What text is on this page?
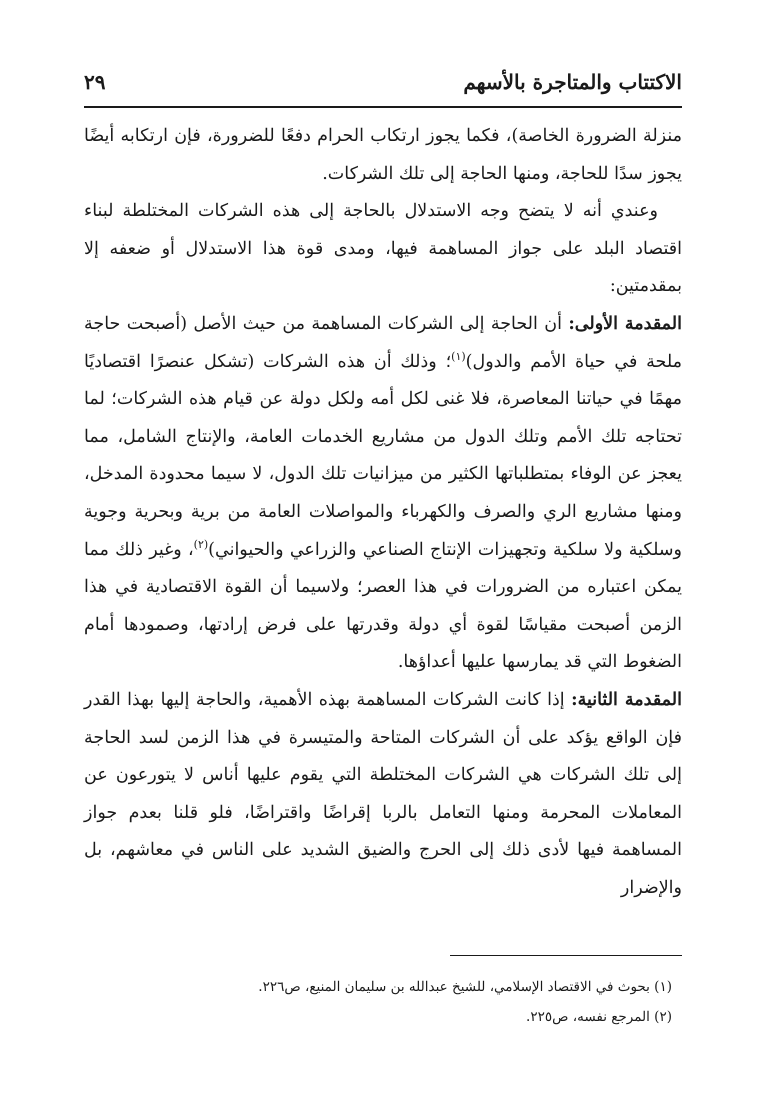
الاكتتاب والمتاجرة بالأسهم
٢٩

منزلة الضرورة الخاصة)، فكما يجوز ارتكاب الحرام دفعًا للضرورة، فإن ارتكابه أيضًا يجوز سدًا للحاجة، ومنها الحاجة إلى تلك الشركات.

وعندي أنه لا يتضح وجه الاستدلال بالحاجة إلى هذه الشركات المختلطة لبناء اقتصاد البلد على جواز المساهمة فيها، ومدى قوة هذا الاستدلال أو ضعفه إلا بمقدمتين:

المقدمة الأولى: أن الحاجة إلى الشركات المساهمة من حيث الأصل (أصبحت حاجة ملحة في حياة الأمم والدول)$^{(١)}$؛ وذلك أن هذه الشركات (تشكل عنصرًا اقتصاديًا مهمًا في حياتنا المعاصرة، فلا غنى لكل أمه ولكل دولة عن قيام هذه الشركات؛ لما تحتاجه تلك الأمم وتلك الدول من مشاريع الخدمات العامة، والإنتاج الشامل، مما يعجز عن الوفاء بمتطلباتها الكثير من ميزانيات تلك الدول، لا سيما محدودة المدخل، ومنها مشاريع الري والصرف والكهرباء والمواصلات العامة من برية وبحرية وجوية وسلكية ولا سلكية وتجهيزات الإنتاج الصناعي والزراعي والحيواني)$^{(٢)}$، وغير ذلك مما يمكن اعتباره من الضرورات في هذا العصر؛ ولاسيما أن القوة الاقتصادية في هذا الزمن أصبحت مقياسًا لقوة أي دولة وقدرتها على فرض إرادتها، وصمودها أمام الضغوط التي قد يمارسها عليها أعداؤها.

المقدمة الثانية: إذا كانت الشركات المساهمة بهذه الأهمية، والحاجة إليها بهذا القدر فإن الواقع يؤكد على أن الشركات المتاحة والمتيسرة في هذا الزمن لسد الحاجة إلى تلك الشركات هي الشركات المختلطة التي يقوم عليها أناس لا يتورعون عن المعاملات المحرمة ومنها التعامل بالربا إقراضًا واقتراضًا، فلو قلنا بعدم جواز المساهمة فيها لأدى ذلك إلى الحرج والضيق الشديد على الناس في معاشهم، بل والإضرار

(١) بحوث في الاقتصاد الإسلامي، للشيخ عبدالله بن سليمان المنيع، ص٢٢٦.
(٢) المرجع نفسه، ص٢٢٥.
